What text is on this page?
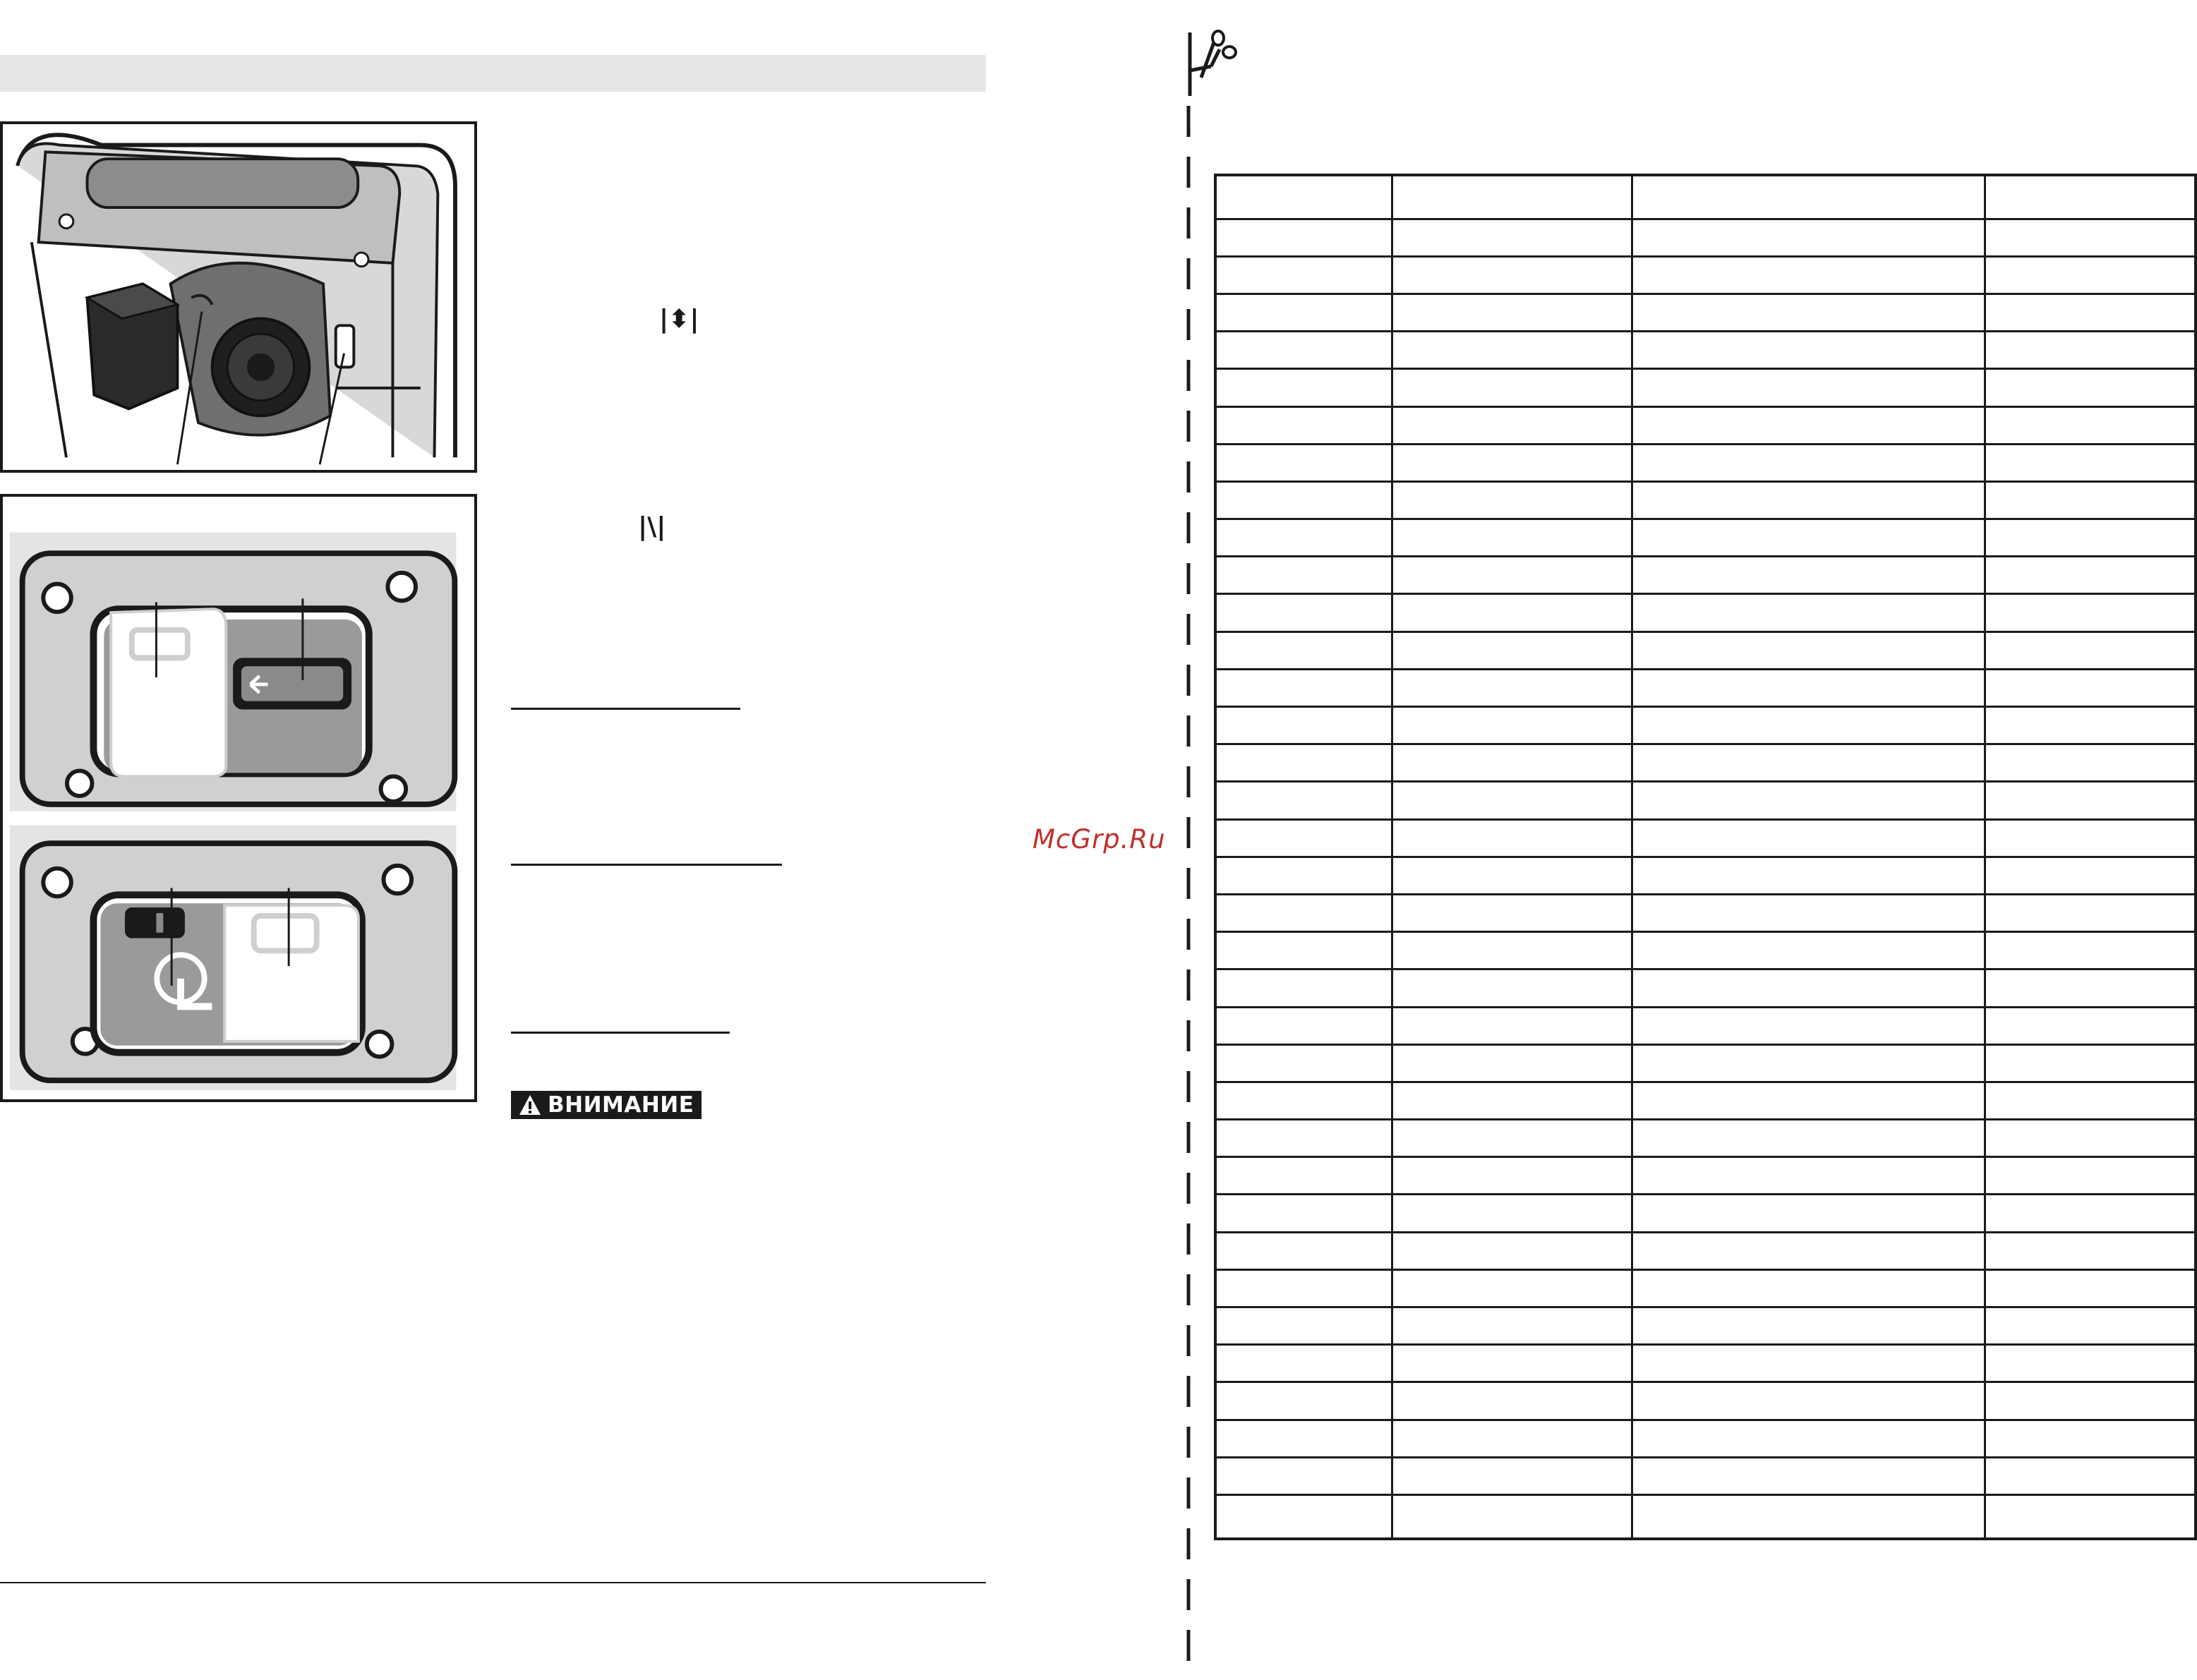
|⬍|
|\|
ВНИМАНИЕ
McGrp.Ru
